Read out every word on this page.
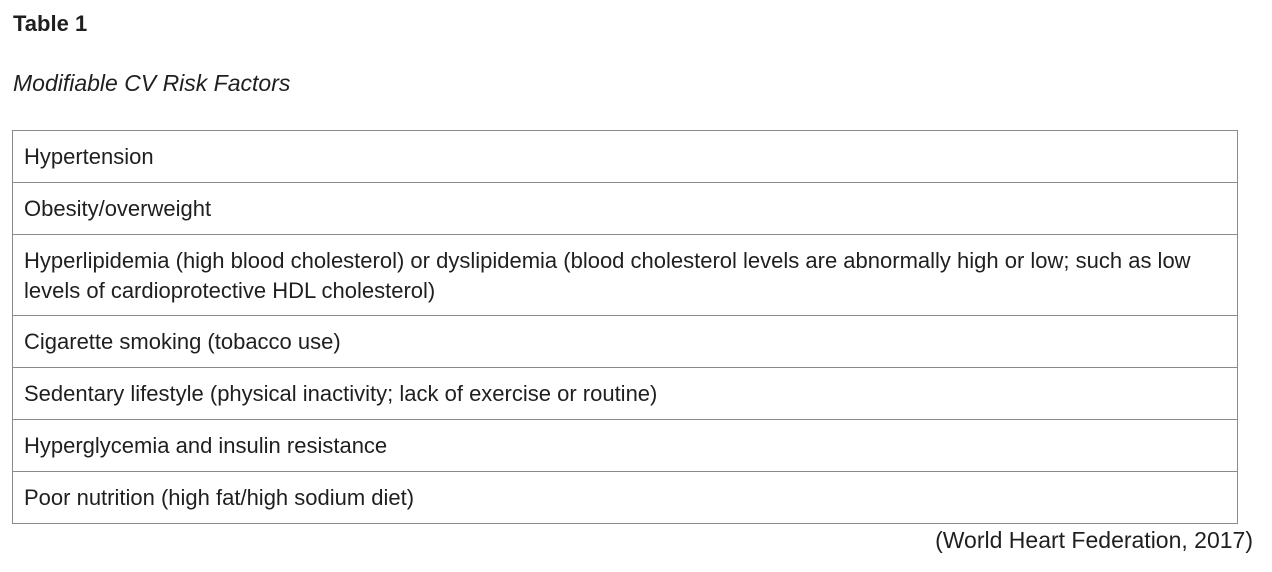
Table 1

Modifiable CV Risk Factors

Hypertension
Obesity/overweight
Hyperlipidemia (high blood cholesterol) or dyslipidemia (blood cholesterol levels are abnormally high or low; such as low levels of cardioprotective HDL cholesterol)
Cigarette smoking (tobacco use)
Sedentary lifestyle (physical inactivity; lack of exercise or routine)
Hyperglycemia and insulin resistance
Poor nutrition (high fat/high sodium diet)

(World Heart Federation, 2017)
